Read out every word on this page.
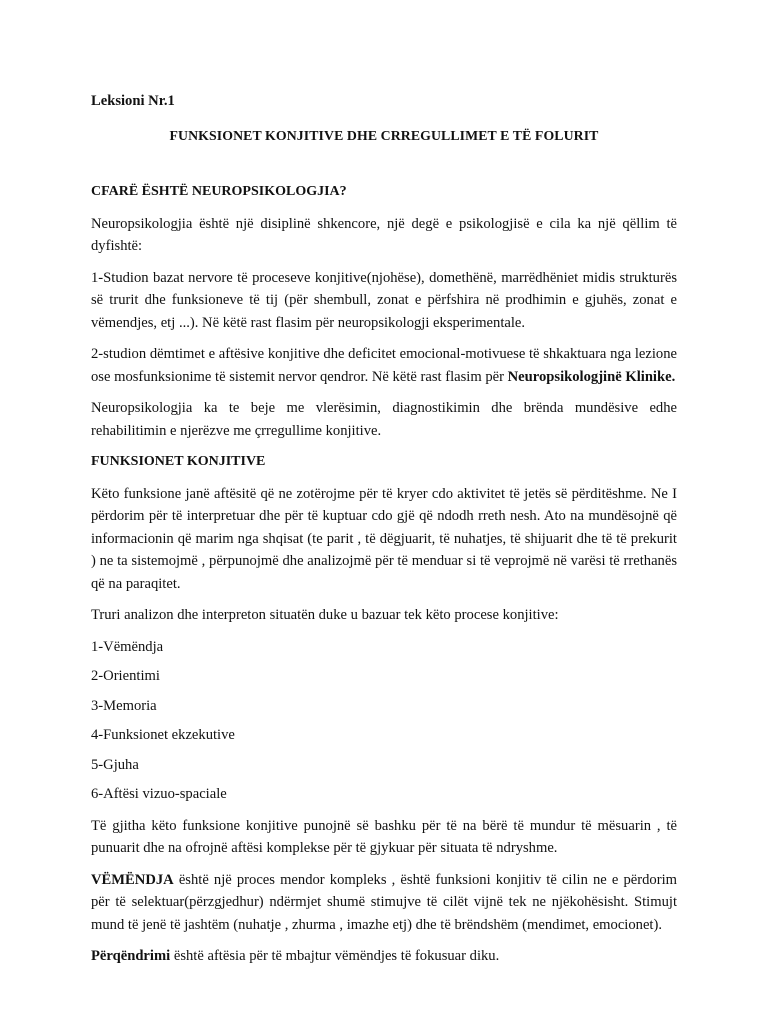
Leksioni Nr.1
FUNKSIONET KONJITIVE DHE CRREGULLIMET E TË FOLURIT
CFARË ËSHTË NEUROPSIKOLOGJIA?

Neuropsikologjia është një disiplinë shkencore, një degë e psikologjisë e cila ka një qëllim të dyfishtë:

1-Studion bazat nervore të proceseve konjitive(njohëse), domethënë, marrëdhëniet midis strukturës së trurit dhe funksioneve të tij (për shembull, zonat e përfshira në prodhimin e gjuhës, zonat e vëmendjes, etj ...). Në këtë rast flasim për neuropsikologji eksperimentale.

2-studion dëmtimet e aftësive konjitive dhe deficitet emocional-motivuese të shkaktuara nga lezione ose mosfunksionime të sistemit nervor qendror. Në këtë rast flasim për Neuropsikologjinë Klinike.

Neuropsikologjia ka te beje me vlerësimin, diagnostikimin dhe brënda mundësive edhe rehabilitimin e njerëzve me çrregullime konjitive.

FUNKSIONET KONJITIVE

Këto funksione janë aftësitë që ne zotërojme për të kryer cdo aktivitet të jetës së përditëshme. Ne I përdorim për të interpretuar dhe për të kuptuar cdo gjë që ndodh rreth nesh. Ato na mundësojnë që informacionin që marim nga shqisat (te parit , të dëgjuarit, të nuhatjes, të shijuarit dhe të të prekurit ) ne ta sistemojmë , përpunojmë dhe analizojmë për të menduar si të veprojmë në varësi të rrethanës që na paraqitet.

Truri analizon dhe interpreton situatën duke u bazuar tek këto procese konjitive:

1-Vëmëndja
2-Orientimi
3-Memoria
4-Funksionet ekzekutive
5-Gjuha
6-Aftësi vizuo-spaciale

Të gjitha këto funksione konjitive punojnë së bashku për të na bërë të mundur të mësuarin , të punuarit dhe na ofrojnë aftësi komplekse për të gjykuar për situata të ndryshme.

VËMËNDJA është një proces mendor kompleks , është funksioni konjitiv të cilin ne e përdorim për të selektuar(përzgjedhur) ndërmjet shumë stimujve të cilët vijnë tek ne njëkohësisht. Stimujt mund të jenë të jashtëm (nuhatje , zhurma , imazhe etj) dhe të brëndshëm (mendimet, emocionet).

Përqëndrimi është aftësia për të mbajtur vëmëndjes të fokusuar diku.
